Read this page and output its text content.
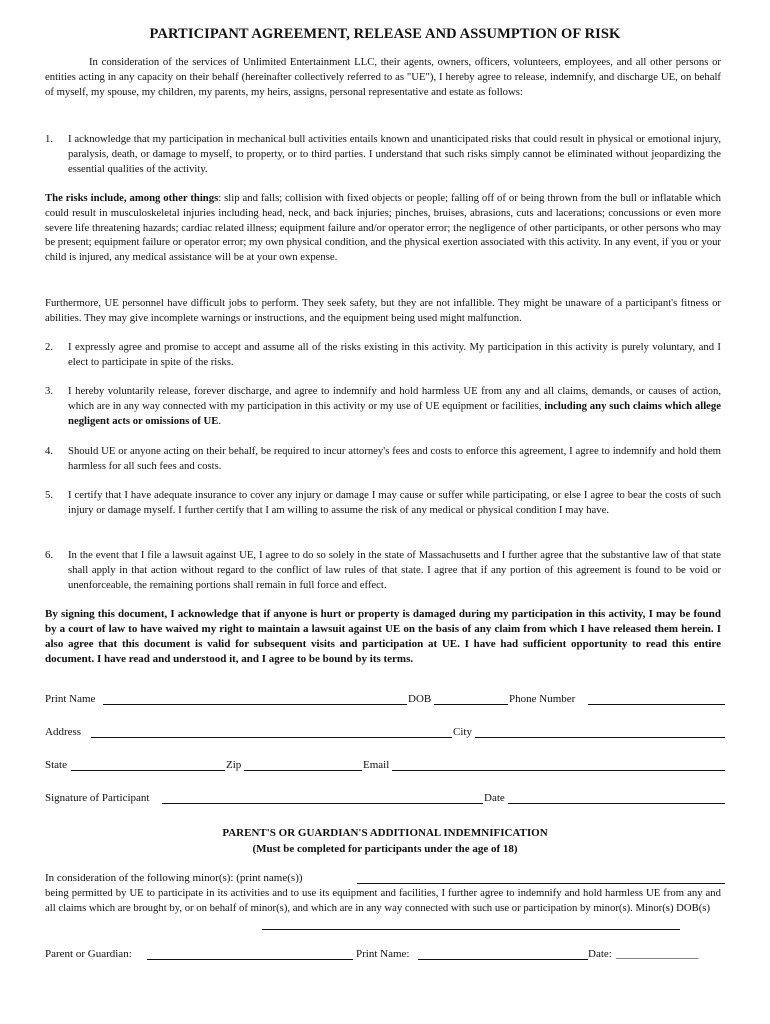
PARTICIPANT AGREEMENT, RELEASE AND ASSUMPTION OF RISK
In consideration of the services of Unlimited Entertainment LLC, their agents, owners, officers, volunteers, employees, and all other persons or entities acting in any capacity on their behalf (hereinafter collectively referred to as "UE"), I hereby agree to release, indemnify, and discharge UE, on behalf of myself, my spouse, my children, my parents, my heirs, assigns, personal representative and estate as follows:
1. I acknowledge that my participation in mechanical bull activities entails known and unanticipated risks that could result in physical or emotional injury, paralysis, death, or damage to myself, to property, or to third parties. I understand that such risks simply cannot be eliminated without jeopardizing the essential qualities of the activity.
The risks include, among other things: slip and falls; collision with fixed objects or people; falling off of or being thrown from the bull or inflatable which could result in musculoskeletal injuries including head, neck, and back injuries; pinches, bruises, abrasions, cuts and lacerations; concussions or even more severe life threatening hazards; cardiac related illness; equipment failure and/or operator error; the negligence of other participants, or other persons who may be present; equipment failure or operator error; my own physical condition, and the physical exertion associated with this activity. In any event, if you or your child is injured, any medical assistance will be at your own expense.
Furthermore, UE personnel have difficult jobs to perform. They seek safety, but they are not infallible. They might be unaware of a participant's fitness or abilities. They may give incomplete warnings or instructions, and the equipment being used might malfunction.
2. I expressly agree and promise to accept and assume all of the risks existing in this activity. My participation in this activity is purely voluntary, and I elect to participate in spite of the risks.
3. I hereby voluntarily release, forever discharge, and agree to indemnify and hold harmless UE from any and all claims, demands, or causes of action, which are in any way connected with my participation in this activity or my use of UE equipment or facilities, including any such claims which allege negligent acts or omissions of UE.
4. Should UE or anyone acting on their behalf, be required to incur attorney's fees and costs to enforce this agreement, I agree to indemnify and hold them harmless for all such fees and costs.
5. I certify that I have adequate insurance to cover any injury or damage I may cause or suffer while participating, or else I agree to bear the costs of such injury or damage myself. I further certify that I am willing to assume the risk of any medical or physical condition I may have.
6. In the event that I file a lawsuit against UE, I agree to do so solely in the state of Massachusetts and I further agree that the substantive law of that state shall apply in that action without regard to the conflict of law rules of that state. I agree that if any portion of this agreement is found to be void or unenforceable, the remaining portions shall remain in full force and effect.
By signing this document, I acknowledge that if anyone is hurt or property is damaged during my participation in this activity, I may be found by a court of law to have waived my right to maintain a lawsuit against UE on the basis of any claim from which I have released them herein. I also agree that this document is valid for subsequent visits and participation at UE. I have had sufficient opportunity to read this entire document. I have read and understood it, and I agree to be bound by its terms.
Print Name	DOB	Phone Number
Address	City
State	Zip	Email
Signature of Participant	Date
PARENT'S OR GUARDIAN'S ADDITIONAL INDEMNIFICATION
(Must be completed for participants under the age of 18)
In consideration of the following minor(s): (print name(s))
being permitted by UE to participate in its activities and to use its equipment and facilities, I further agree to indemnify and hold harmless UE from any and all claims which are brought by, or on behalf of minor(s), and which are in any way connected with such use or participation by minor(s). Minor(s) DOB(s)
Parent or Guardian:	Print Name:	Date: _______________
